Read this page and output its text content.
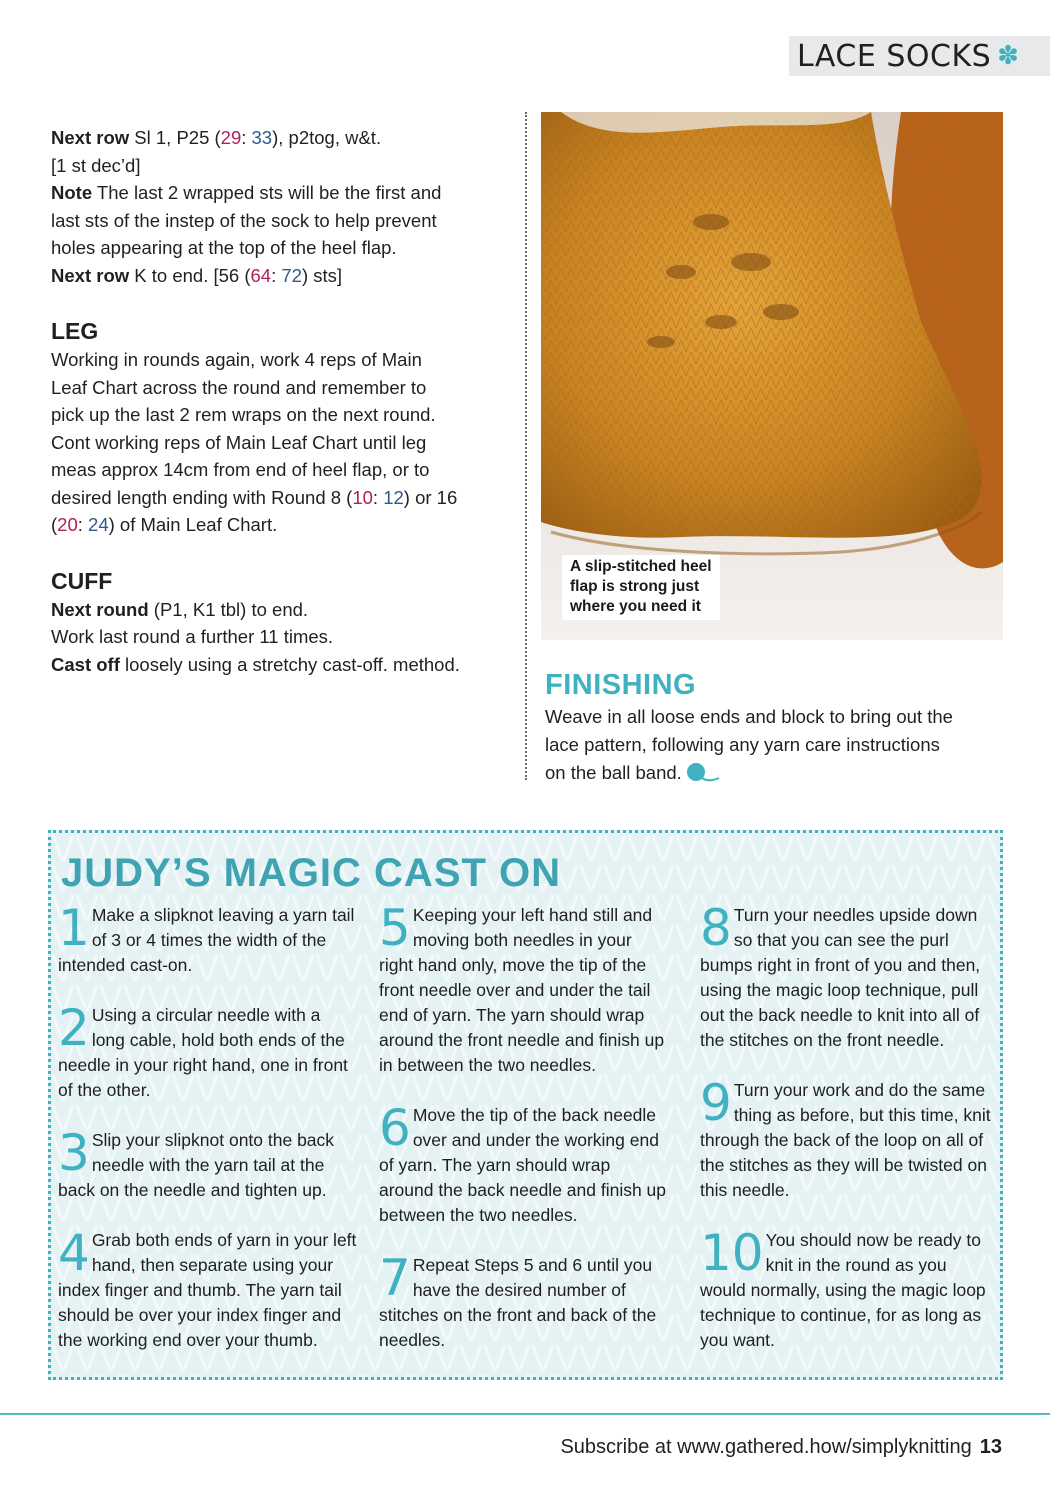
LACE SOCKS ✽

Next row Sl 1, P25 (29: 33), p2tog, w&t.

[1 st dec’d]

Note The last 2 wrapped sts will be the first and last sts of the instep of the sock to help prevent holes appearing at the top of the heel flap.

Next row K to end. [56 (64: 72) sts]

LEG

Working in rounds again, work 4 reps of Main Leaf Chart across the round and remember to pick up the last 2 rem wraps on the next round.

Cont working reps of Main Leaf Chart until leg meas approx 14cm from end of heel flap, or to desired length ending with Round 8 (10: 12) or 16 (20: 24) of Main Leaf Chart.

CUFF

Next round (P1, K1 tbl) to end.

Work last round a further 11 times.

Cast off loosely using a stretchy cast-off. method.

A slip-stitched heel

flap is strong just

where you need it

FINISHING

Weave in all loose ends and block to bring out the lace pattern, following any yarn care instructions on the ball band.

JUDY’S MAGIC CAST ON
1 Make a slipknot leaving a yarn tail of 3 or 4 times the width of the intended cast-on.
2 Using a circular needle with a long cable, hold both ends of the needle in your right hand, one in front of the other.
3 Slip your slipknot onto the back needle with the yarn tail at the back on the needle and tighten up.
4 Grab both ends of yarn in your left hand, then separate using your index finger and thumb. The yarn tail should be over your index finger and the working end over your thumb.
5 Keeping your left hand still and moving both needles in your right hand only, move the tip of the front needle over and under the tail end of yarn. The yarn should wrap around the front needle and finish up in between the two needles.
6 Move the tip of the back needle over and under the working end of yarn. The yarn should wrap around the back needle and finish up between the two needles.
7 Repeat Steps 5 and 6 until you have the desired number of stitches on the front and back of the needles.
8 Turn your needles upside down so that you can see the purl bumps right in front of you and then, using the magic loop technique, pull out the back needle to knit into all of the stitches on the front needle.
9 Turn your work and do the same thing as before, but this time, knit through the back of the loop on all of the stitches as they will be twisted on this needle.
10 You should now be ready to knit in the round as you would normally, using the magic loop technique to continue, for as long as you want.
Subscribe at www.gathered.how/simplyknitting 13
